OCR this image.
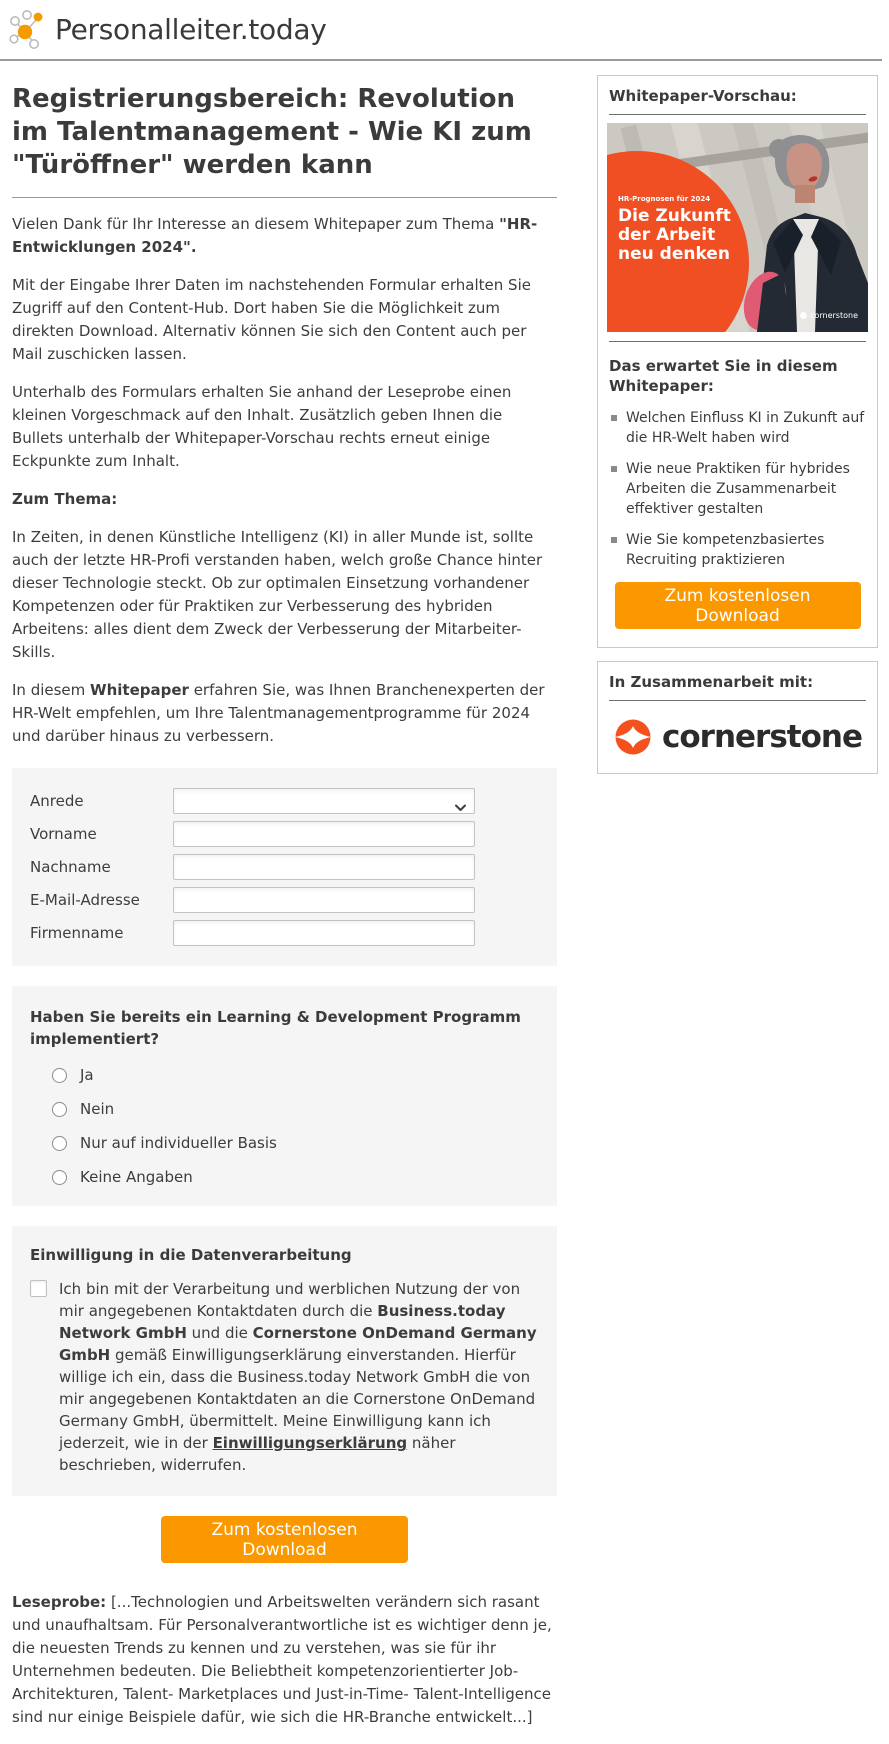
Personalleiter.today
Registrierungsbereich: Revolution im Talentmanagement - Wie KI zum "Türöffner" werden kann

Vielen Dank für Ihr Interesse an diesem Whitepaper zum Thema "HR-Entwicklungen 2024".

Mit der Eingabe Ihrer Daten im nachstehenden Formular erhalten Sie Zugriff auf den Content-Hub. Dort haben Sie die Möglichkeit zum direkten Download. Alternativ können Sie sich den Content auch per Mail zuschicken lassen.

Unterhalb des Formulars erhalten Sie anhand der Leseprobe einen kleinen Vorgeschmack auf den Inhalt. Zusätzlich geben Ihnen die Bullets unterhalb der Whitepaper-Vorschau rechts erneut einige Eckpunkte zum Inhalt.

Zum Thema:

In Zeiten, in denen Künstliche Intelligenz (KI) in aller Munde ist, sollte auch der letzte HR-Profi verstanden haben, welch große Chance hinter dieser Technologie steckt. Ob zur optimalen Einsetzung vorhandener Kompetenzen oder für Praktiken zur Verbesserung des hybriden Arbeitens: alles dient dem Zweck der Verbesserung der Mitarbeiter-Skills.

In diesem Whitepaper erfahren Sie, was Ihnen Branchenexperten der HR-Welt empfehlen, um Ihre Talentmanagementprogramme für 2024 und darüber hinaus zu verbessern.

Anrede
Vorname
Nachname
E-Mail-Adresse
Firmenname
Haben Sie bereits ein Learning & Development Programm implementiert?
Ja
Nein
Nur auf individueller Basis
Keine Angaben
Einwilligung in die Datenverarbeitung
Ich bin mit der Verarbeitung und werblichen Nutzung der von mir angegebenen Kontaktdaten durch die Business.today Network GmbH und die Cornerstone OnDemand Germany GmbH gemäß Einwilligungserklärung einverstanden. Hierfür willige ich ein, dass die Business.today Network GmbH die von mir angegebenen Kontaktdaten an die Cornerstone OnDemand Germany GmbH, übermittelt. Meine Einwilligung kann ich jederzeit, wie in der Einwilligungserklärung näher beschrieben, widerrufen.
Zum kostenlosen Download

Leseprobe: [...Technologien und Arbeitswelten verändern sich rasant und unaufhaltsam. Für Personalverantwortliche ist es wichtiger denn je, die neuesten Trends zu kennen und zu verstehen, was sie für ihr Unternehmen bedeuten. Die Beliebtheit kompetenzorientierter Job-Architekturen, Talent- Marketplaces und Just-in-Time- Talent-Intelligence sind nur einige Beispiele dafür, wie sich die HR-Branche entwickelt...]

Whitepaper-Vorschau:
HR-Prognosen für 2024
Die Zukunft
der Arbeit
neu denken
cornerstone
Das erwartet Sie in diesem Whitepaper:
Welchen Einfluss KI in Zukunft auf die HR-Welt haben wird
Wie neue Praktiken für hybrides Arbeiten die Zusammenarbeit effektiver gestalten
Wie Sie kompetenzbasiertes Recruiting praktizieren
Zum kostenlosen Download
In Zusammenarbeit mit:
cornerstone
